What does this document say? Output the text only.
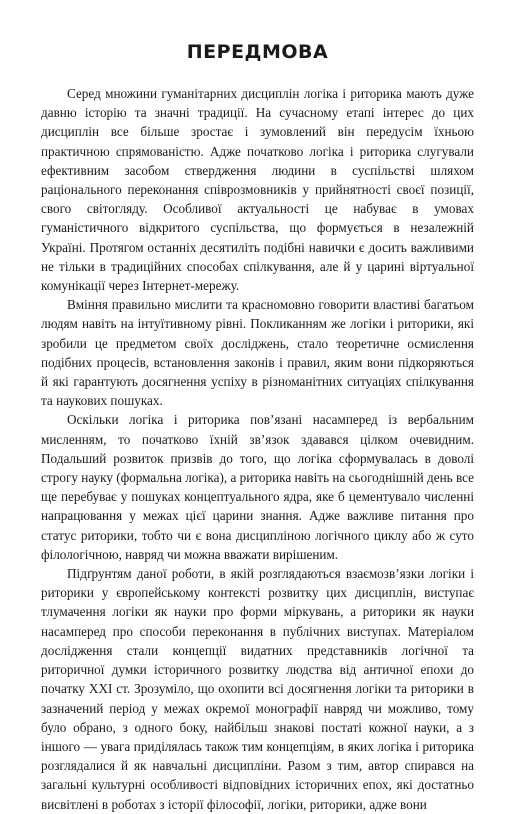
ПЕРЕДМОВА

Серед множини гуманітарних дисциплін логіка і риторика мають дуже давню історію та значні традиції. На сучасному етапі інтерес до цих дисциплін все більше зростає і зумовлений він передусім їхньою практичною спрямованістю. Адже початково логіка і риторика слугували ефективним засобом ствердження людини в суспільстві шляхом раціонального переконання співрозмовників у прийнятності своєї позиції, свого світогляду. Особливої актуальності це набуває в умовах гуманістичного відкритого суспільства, що формується в незалежній Україні. Протягом останніх десятиліть подібні навички є досить важливими не тільки в традиційних способах спілкування, але й у царині віртуальної комунікації через Інтернет-мережу.

Вміння правильно мислити та красномовно говорити властиві багатьом людям навіть на інтуїтивному рівні. Покликанням же логіки і риторики, які зробили це предметом своїх досліджень, стало теоретичне осмислення подібних процесів, встановлення законів і правил, яким вони підкоряються й які гарантують досягнення успіху в різноманітних ситуаціях спілкування та наукових пошуках.

Оскільки логіка і риторика пов’язані насамперед із вербальним мисленням, то початково їхній зв’язок здавався цілком очевидним. Подальший розвиток призвів до того, що логіка сформувалась в доволі строгу науку (формальна логіка), а риторика навіть на сьогоднішній день все ще перебуває у пошуках концептуального ядра, яке б цементувало численні напрацювання у межах цієї царини знання. Адже важливе питання про статус риторики, тобто чи є вона дисципліною логічного циклу або ж суто філологічною, навряд чи можна вважати вирішеним.

Підґрунтям даної роботи, в якій розглядаються взаємозв’язки логіки і риторики у європейському контексті розвитку цих дисциплін, виступає тлумачення логіки як науки про форми міркувань, а риторики як науки насамперед про способи переконання в публічних виступах. Матеріалом дослідження стали концепції видатних представників логічної та риторичної думки історичного розвитку людства від античної епохи до початку XXI ст. Зрозуміло, що охопити всі досягнення логіки та риторики в зазначений період у межах окремої монографії навряд чи можливо, тому було обрано, з одного боку, найбільш знакові постаті кожної науки, а з іншого — увага приділялась також тим концепціям, в яких логіка і риторика розглядалися й як навчальні дисципліни. Разом з тим, автор спирався на загальні культурні особливості відповідних історичних епох, які достатньо висвітлені в роботах з історії філософії, логіки, риторики, адже вони
